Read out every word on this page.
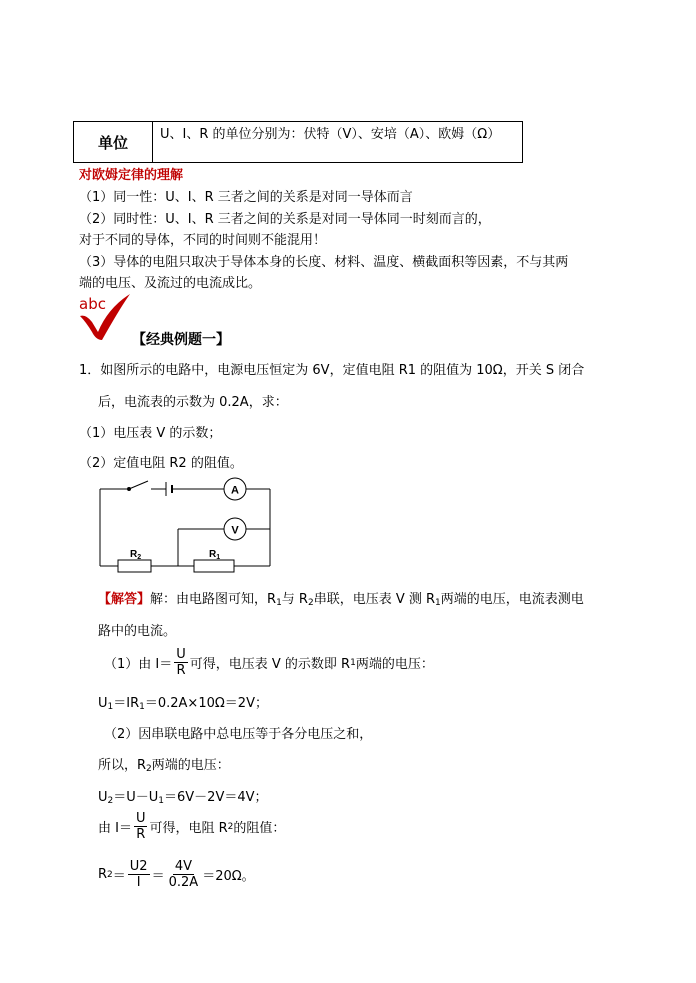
单位	U、I、R 的单位分别为：伏特（V）、安培（A）、欧姆（Ω）
对欧姆定律的理解
（1）同一性：U、I、R 三者之间的关系是对同一导体而言
（2）同时性：U、I、R 三者之间的关系是对同一导体同一时刻而言的，
对于不同的导体，不同的时间则不能混用！
（3）导体的电阻只取决于导体本身的长度、材料、温度、横截面积等因素，不与其两
端的电压、及流过的电流成比。
abc
【经典例题一】
1．如图所示的电路中，电源电压恒定为 6V，定值电阻 R1 的阻值为 10Ω，开关 S 闭合
后，电流表的示数为 0.2A，求：
（1）电压表 V 的示数；
（2）定值电阻 R2 的阻值。
A
V
$R_2$	$R_1$
【解答】解：由电路图可知，$R_1$与 $R_2$串联，电压表 V 测 $R_1$两端的电压，电流表测电
路中的电流。
（1）由 $I= \frac{U}{R}$ 可得，电压表 V 的示数即 R 1 两端的电压：
$U_1=IR_1=0.2A\times 10\Omega=2V$；
（2）因串联电路中总电压等于各分电压之和，
所以，$R_2$两端的电压：
$U_2=U-U_1=6V-2V=4V$；
由 $I= \frac{U}{R}$ 可得，电阻 R 2 的阻值：
R $2 = \frac{U2}{I} = \frac{4V}{0.2A} =20\Omega$。
